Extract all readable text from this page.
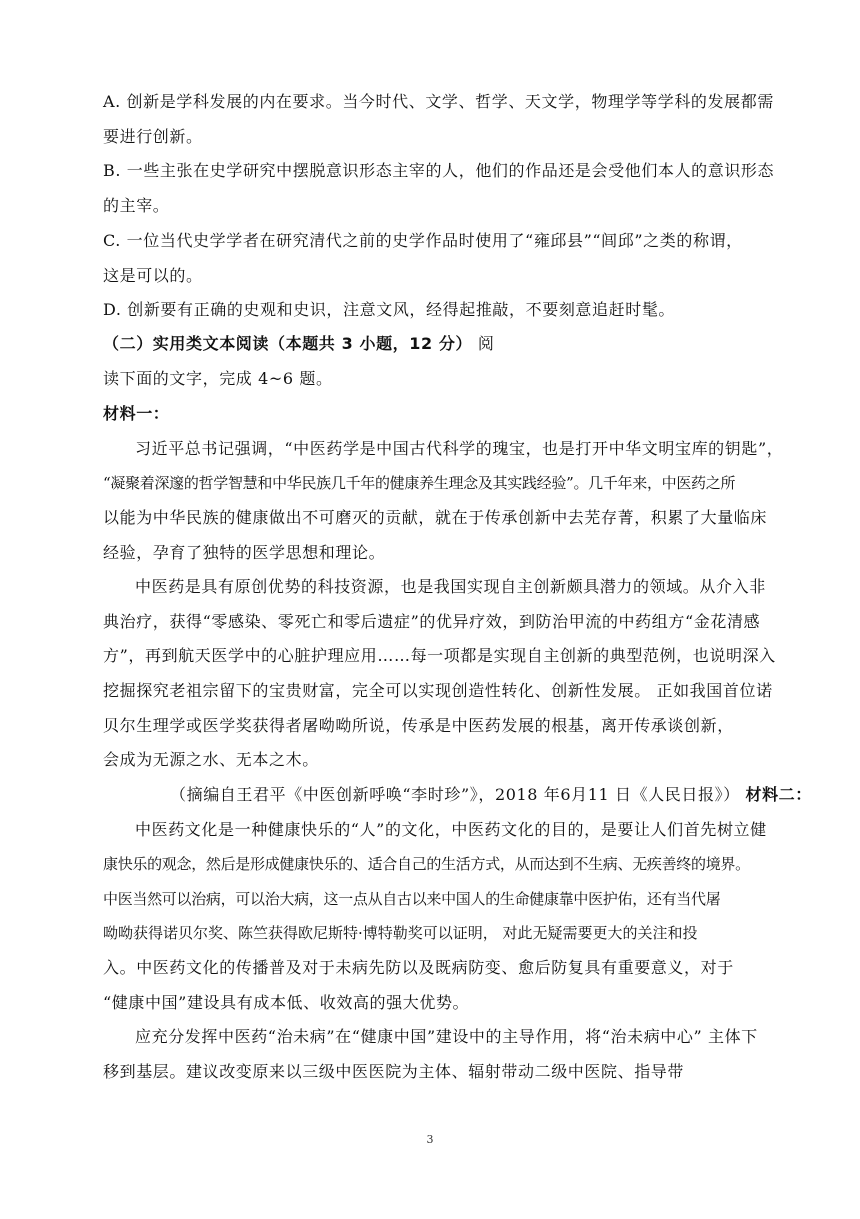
A. 创新是学科发展的内在要求。当今时代、文学、哲学、天文学，物理学等学科的发展都需
要进行创新。
B. 一些主张在史学研究中摆脱意识形态主宰的人，他们的作品还是会受他们本人的意识形态
的主宰。
C. 一位当代史学学者在研究清代之前的史学作品时使用了“雍邱县”“闾邱”之类的称谓，
这是可以的。
D. 创新要有正确的史观和史识，注意文风，经得起推敲，不要刻意追赶时髦。
（二）实用类文本阅读（本题共 3 小题，12 分） 阅
读下面的文字，完成 4~6 题。
材料一：
习近平总书记强调，“中医药学是中国古代科学的瑰宝，也是打开中华文明宝库的钥匙”，
“凝聚着深邃的哲学智慧和中华民族几千年的健康养生理念及其实践经验”。几千年来，中医药之所
以能为中华民族的健康做出不可磨灭的贡献，就在于传承创新中去芜存菁，积累了大量临床
经验，孕育了独特的医学思想和理论。
中医药是具有原创优势的科技资源，也是我国实现自主创新颇具潜力的领域。从介入非
典治疗，获得“零感染、零死亡和零后遗症”的优异疗效，到防治甲流的中药组方“金花清感
方”，再到航天医学中的心脏护理应用……每一项都是实现自主创新的典型范例，也说明深入
挖掘探究老祖宗留下的宝贵财富，完全可以实现创造性转化、创新性发展。 正如我国首位诺
贝尔生理学或医学奖获得者屠呦呦所说，传承是中医药发展的根基，离开传承谈创新，
会成为无源之水、无本之木。
（摘编自王君平《中医创新呼唤“李时珍”》，2018 年6月11 日《人民日报》） 材料二：
中医药文化是一种健康快乐的“人”的文化，中医药文化的目的，是要让人们首先树立健
康快乐的观念，然后是形成健康快乐的、适合自己的生活方式，从而达到不生病、无疾善终的境界。
中医当然可以治病，可以治大病，这一点从自古以来中国人的生命健康靠中医护佑，还有当代屠
呦呦获得诺贝尔奖、陈竺获得欧尼斯特·博特勒奖可以证明， 对此无疑需要更大的关注和投
入。中医药文化的传播普及对于未病先防以及既病防变、愈后防复具有重要意义，对于
“健康中国”建设具有成本低、收效高的强大优势。
应充分发挥中医药“治未病”在“健康中国”建设中的主导作用，将“治未病中心” 主体下
移到基层。建议改变原来以三级中医医院为主体、辐射带动二级中医院、指导带
3
